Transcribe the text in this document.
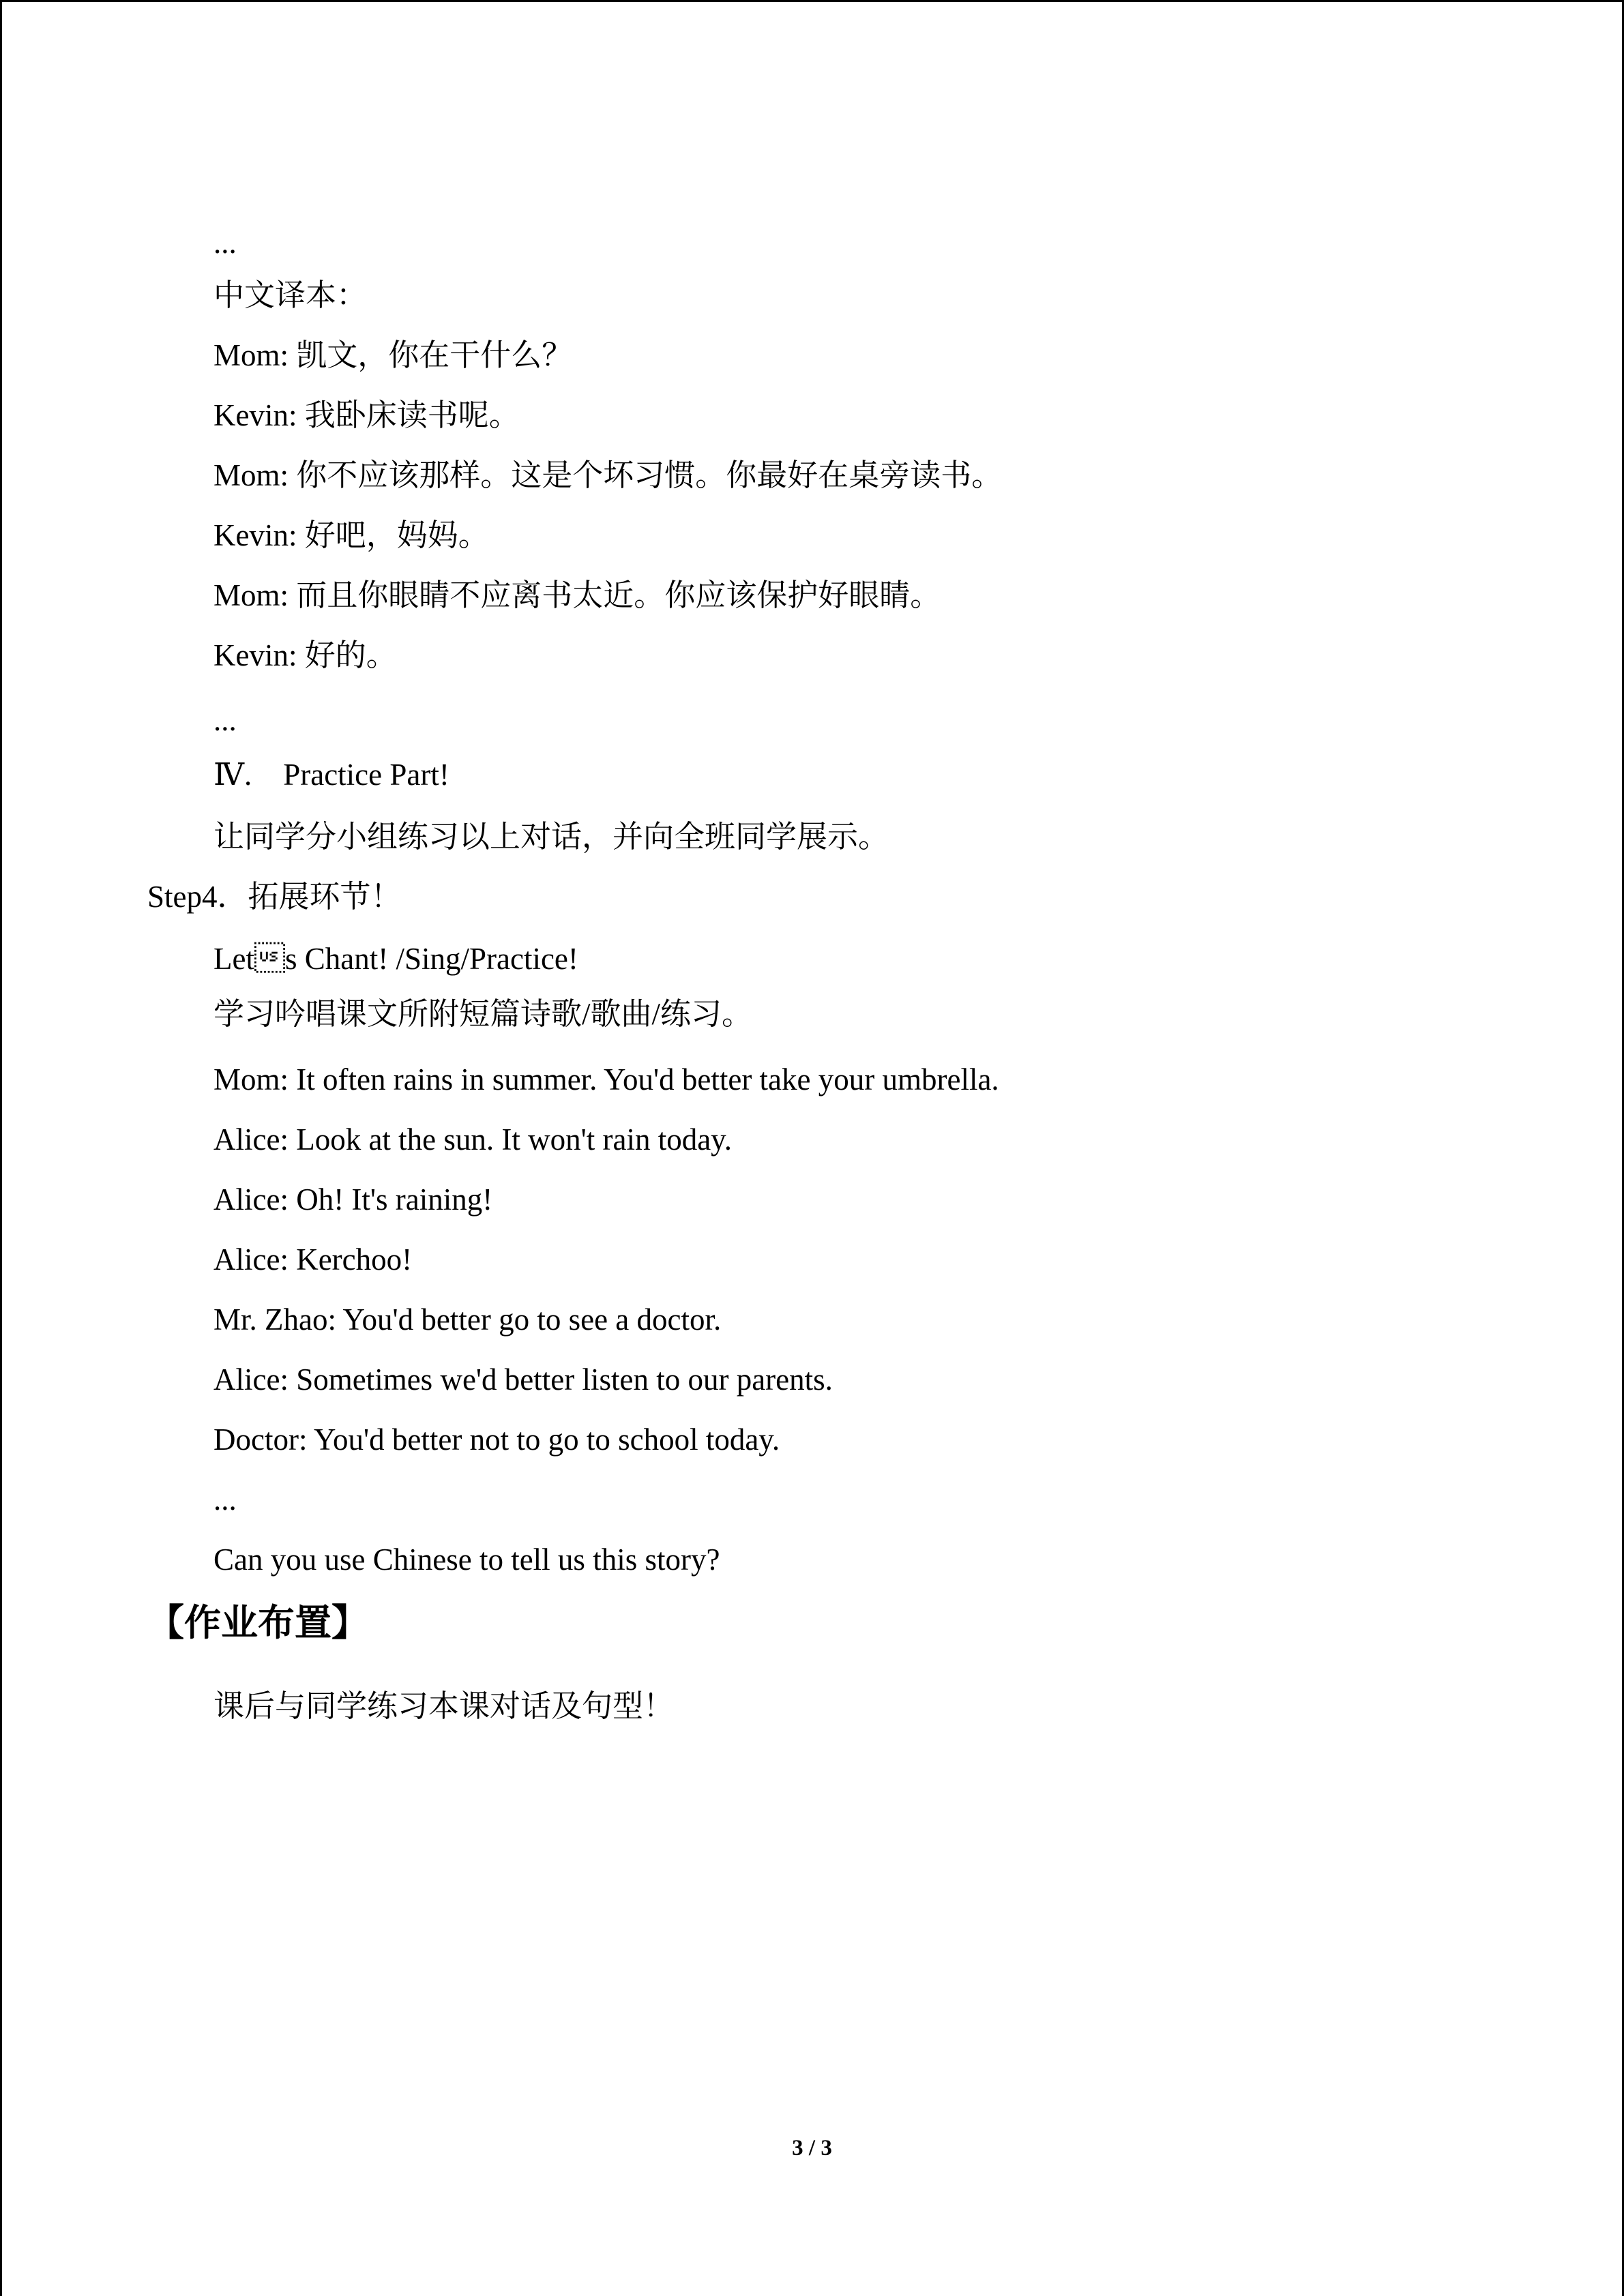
...
中文译本：
Mom: 凯文，你在干什么？
Kevin: 我卧床读书呢。
Mom: 你不应该那样。这是个坏习惯。你最好在桌旁读书。
Kevin: 好吧，妈妈。
Mom: 而且你眼睛不应离书太近。你应该保护好眼睛。
Kevin: 好的。
...
Ⅳ. Practice Part!
让同学分小组练习以上对话，并向全班同学展示。
Step4．拓展环节！
Lets Chant! /Sing/Practice!
学习吟唱课文所附短篇诗歌/歌曲/练习。
Mom: It often rains in summer. You'd better take your umbrella.
Alice: Look at the sun. It won't rain today.
Alice: Oh! It's raining!
Alice: Kerchoo!
Mr. Zhao: You'd better go to see a doctor.
Alice: Sometimes we'd better listen to our parents.
Doctor: You'd better not to go to school today.
...
Can you use Chinese to tell us this story?
【作业布置】
课后与同学练习本课对话及句型！
3 / 3
